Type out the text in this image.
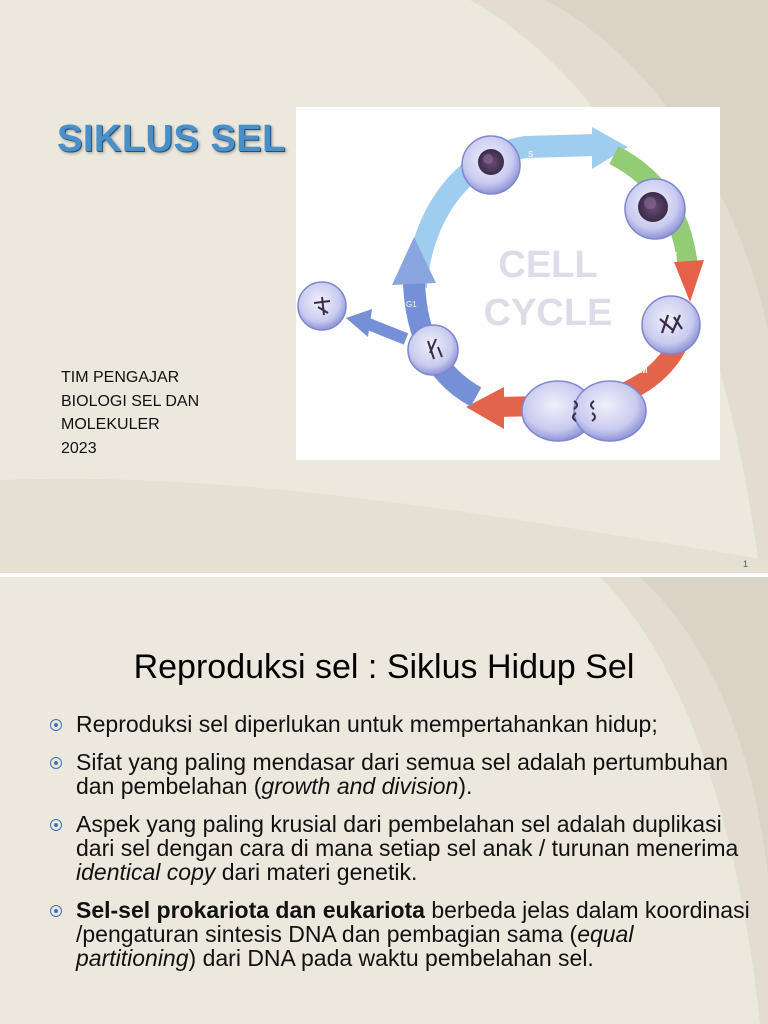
SIKLUS SEL
TIM PENGAJAR
BIOLOGI SEL DAN
MOLEKULER
2023
CELL
CYCLE
S
G2
M
G1
1
Reproduksi sel : Siklus Hidup Sel
Reproduksi sel diperlukan untuk mempertahankan hidup;
Sifat yang paling mendasar dari semua sel adalah pertumbuhan dan pembelahan (growth and division).
Aspek yang paling krusial dari pembelahan sel adalah duplikasi dari sel dengan cara di mana setiap sel anak / turunan menerima identical copy dari materi genetik.
Sel-sel prokariota dan eukariota berbeda jelas dalam koordinasi /pengaturan sintesis DNA dan pembagian sama (equal partitioning) dari DNA pada waktu pembelahan sel.
